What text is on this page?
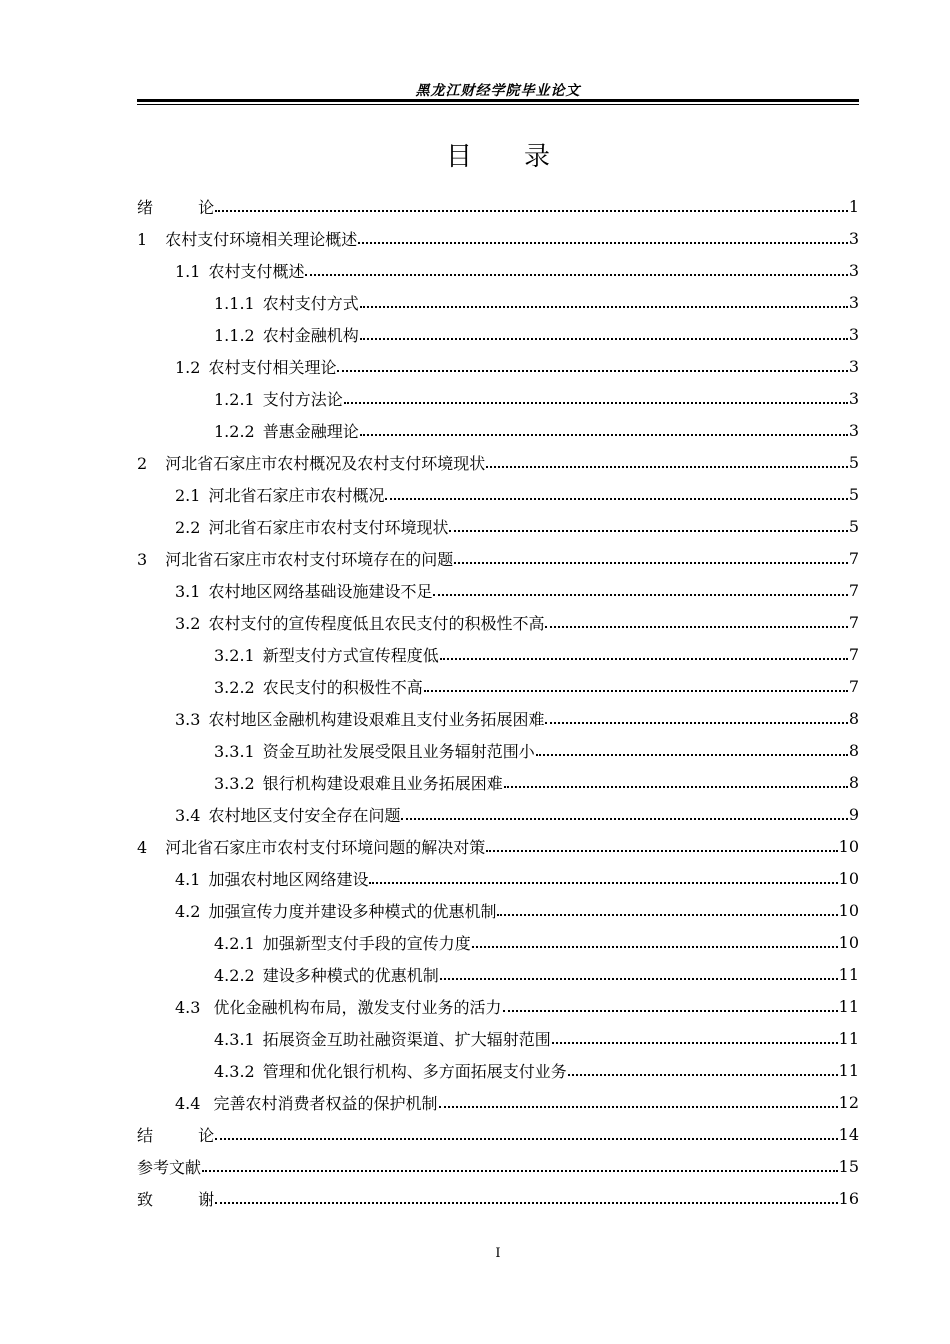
黑龙江财经学院毕业论文
目 录
绪 论	1
1 农村支付环境相关理论概述	3
1.1 农村支付概述	3
1.1.1 农村支付方式	3
1.1.2 农村金融机构	3
1.2 农村支付相关理论	3
1.2.1 支付方法论	3
1.2.2 普惠金融理论	3
2 河北省石家庄市农村概况及农村支付环境现状	5
2.1 河北省石家庄市农村概况	5
2.2 河北省石家庄市农村支付环境现状	5
3 河北省石家庄市农村支付环境存在的问题	7
3.1 农村地区网络基础设施建设不足	7
3.2 农村支付的宣传程度低且农民支付的积极性不高	7
3.2.1 新型支付方式宣传程度低	7
3.2.2 农民支付的积极性不高	7
3.3 农村地区金融机构建设艰难且支付业务拓展困难	8
3.3.1 资金互助社发展受限且业务辐射范围小	8
3.3.2 银行机构建设艰难且业务拓展困难	8
3.4 农村地区支付安全存在问题	9
4 河北省石家庄市农村支付环境问题的解决对策	10
4.1 加强农村地区网络建设	10
4.2 加强宣传力度并建设多种模式的优惠机制	10
4.2.1 加强新型支付手段的宣传力度	10
4.2.2 建设多种模式的优惠机制	11
4.3 优化金融机构布局，激发支付业务的活力	11
4.3.1 拓展资金互助社融资渠道、扩大辐射范围	11
4.3.2 管理和优化银行机构、多方面拓展支付业务	11
4.4 完善农村消费者权益的保护机制	12
结 论	14
参考文献	15
致 谢	16
I
